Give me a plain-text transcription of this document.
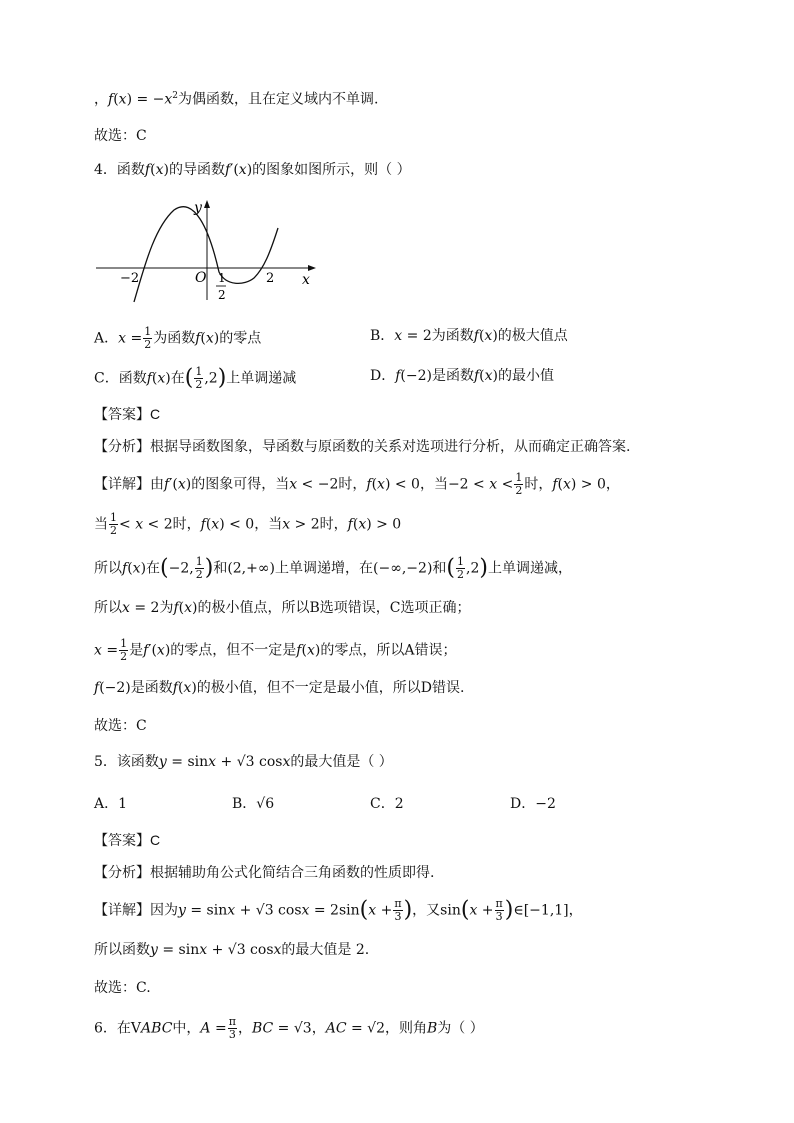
，$f(x) = -x^2$为偶函数，且在定义域内不单调.
故选：C
4．函数f(x)的导函数f′(x)的图象如图所示，则（ ）
y
x
O
−2	2
1
2
A．$x = \frac{1}{2}$ 为函数f(x)的零点	B．x = 2为函数f(x)的极大值点
C．函数f(x)在( $\frac{1}{2} ,2$)上单调递减	D．f(−2)是函数f(x)的最小值
【答案】C
【分析】根据导函数图象，导函数与原函数的关系对选项进行分析，从而确定正确答案.
【详解】由f′(x)的图象可得，当x < −2时，f(x) < 0，当$-2 < x < \frac{1}{2}$ 时，f(x) > 0，
当 $\frac{1}{2} < x < 2$时，f(x) < 0，当x > 2时，f(x) > 0
所以f(x)在(−2, $\frac{1}{2}$ )和(2,+∞)上单调递增，在(−∞,−2)和( $\frac{1}{2} ,2$)上单调递减，
所以x = 2为f(x)的极小值点，所以B选项错误，C选项正确；
$x = \frac{1}{2}$ 是f′(x)的零点，但不一定是f(x)的零点，所以A错误；
f(−2)是函数f(x)的极小值，但不一定是最小值，所以D错误.
故选：C
5．该函数y = sinx + √3 cosx的最大值是（ ）
A．1	B．√6	C．2	D．−2
【答案】C
【分析】根据辅助角公式化简结合三角函数的性质即得.
【详解】因为y = sinx + √3 $\cos x = 2\sin(x + \frac{\pi}{3}$ )，又$\sin(x + \frac{\pi}{3}$ )∈[−1,1]，
所以函数y = sinx + √3 cosx的最大值是 2.
故选：C.
6．在VABC中，$A = \frac{\pi}{3}$ ，BC = √3，AC = √2，则角B为（ ）
